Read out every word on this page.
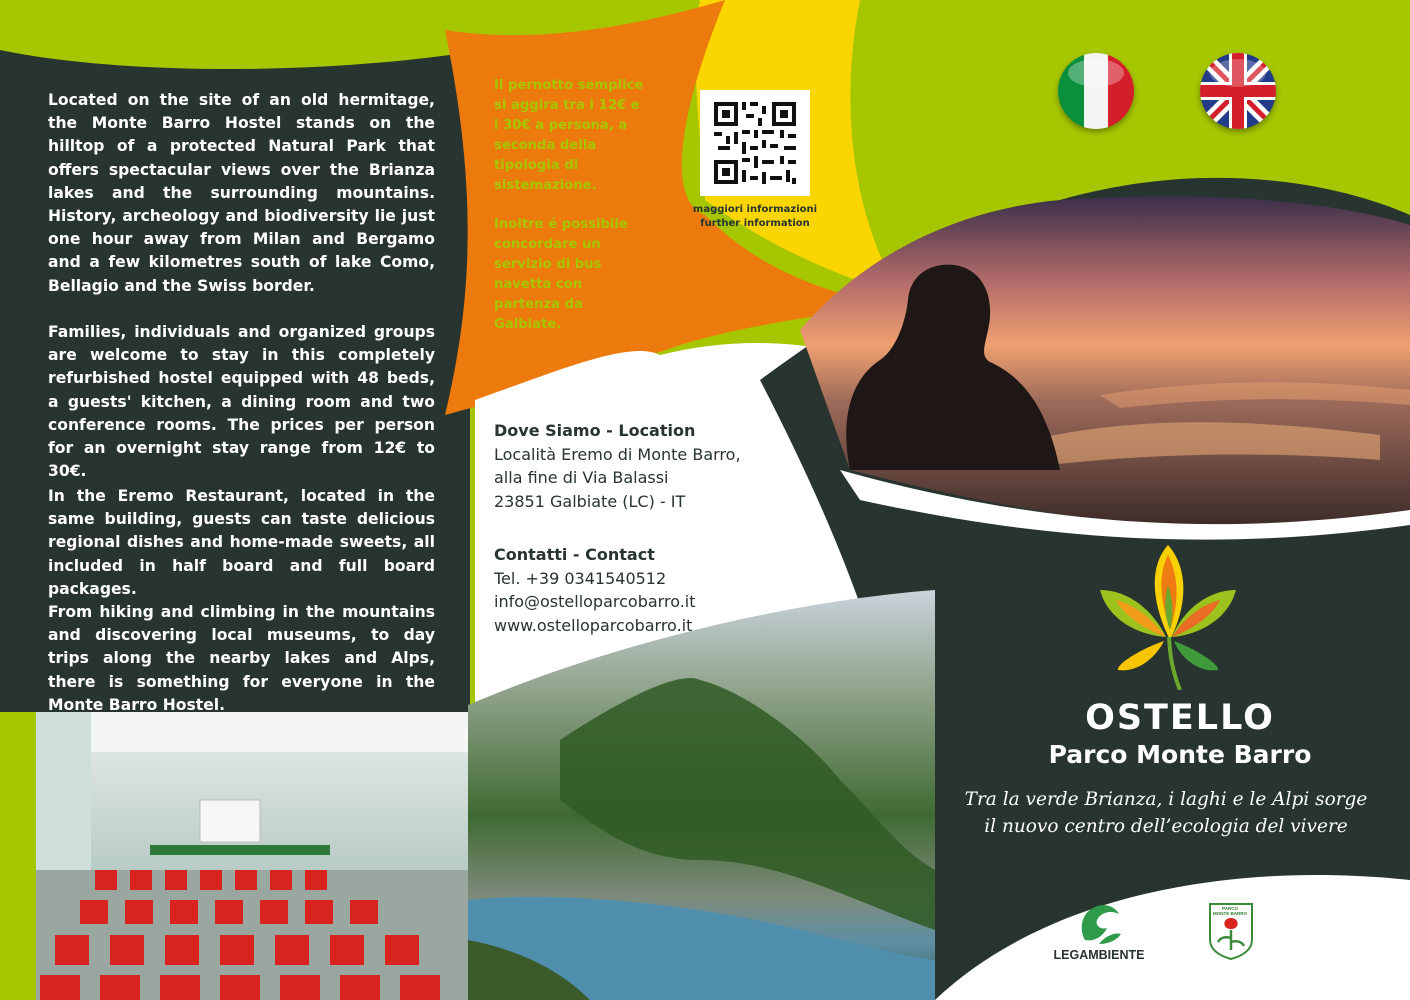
Located on the site of an old hermitage, the Monte Barro Hostel stands on the hilltop of a protected Natural Park that offers spectacular views over the Brianza lakes and the surrounding mountains. History, archeology and biodiversity lie just one hour away from Milan and Bergamo and a few kilometres south of lake Como, Bellagio and the Swiss border.

Families, individuals and organized groups are welcome to stay in this completely refurbished hostel equipped with 48 beds, a guests' kitchen, a dining room and two conference rooms. The prices per person for an overnight stay range from 12€ to 30€.

In the Eremo Restaurant, located in the same building, guests can taste delicious regional dishes and home-made sweets, all included in half board and full board packages.

From hiking and climbing in the mountains and discovering local museums, to day trips along the nearby lakes and Alps, there is something for everyone in the Monte Barro Hostel.

Il pernotto semplice si aggira tra i 12€ e i 30€ a persona, a seconda della tipologia di sistemazione.

Inoltre é possibile concordare un servizio di bus navetta con partenza da Galbiate.

maggiori informazioni
further information
Dove Siamo - Location
Località Eremo di Monte Barro,
alla fine di Via Balassi
23851 Galbiate (LC) - IT
Contatti - Contact
Tel. +39 0341540512
info@ostelloparcobarro.it
www.ostelloparcobarro.it
OSTELLO
Parco Monte Barro
Tra la verde Brianza, i laghi e le Alpi sorge
il nuovo centro dell’ecologia del vivere
LEGAMBIENTE
PARCO
MONTE BARRO
